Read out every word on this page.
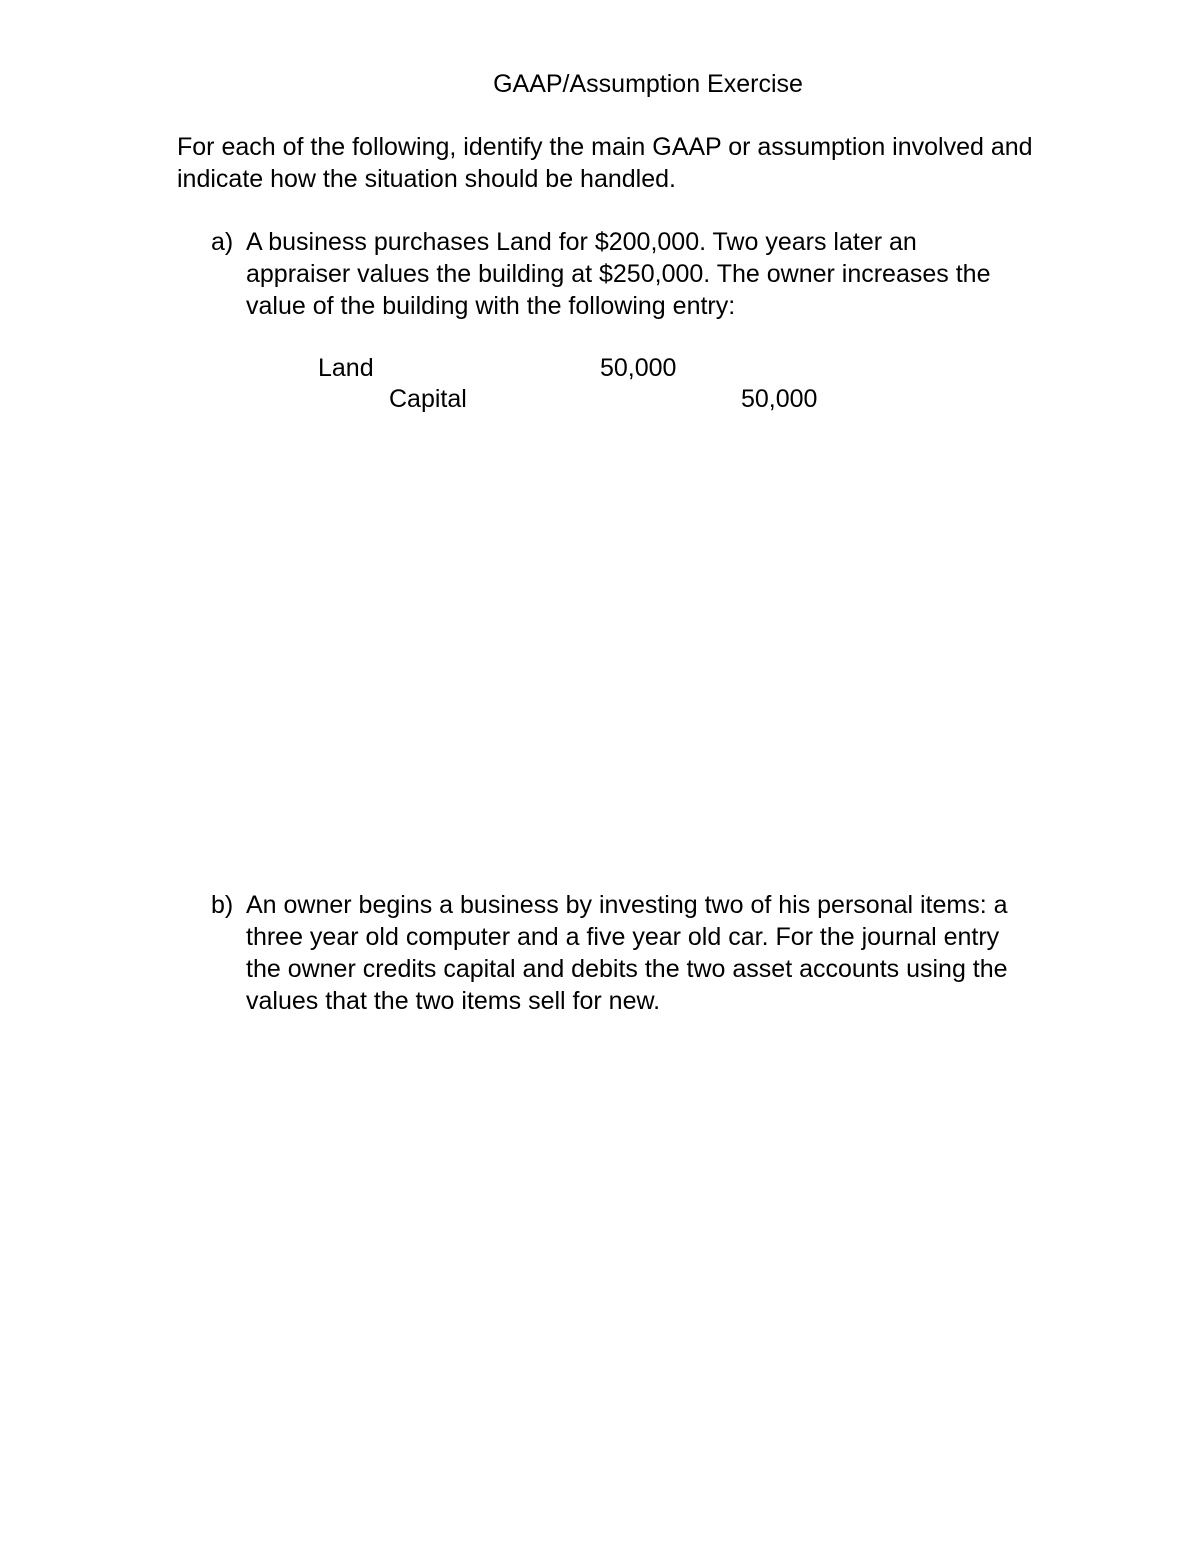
GAAP/Assumption Exercise
For each of the following, identify the main GAAP or assumption involved and
indicate how the situation should be handled.
a) A business purchases Land for $200,000. Two years later an
appraiser values the building at $250,000. The owner increases the
value of the building with the following entry:
Land	50,000
Capital	50,000
b) An owner begins a business by investing two of his personal items: a
three year old computer and a five year old car. For the journal entry
the owner credits capital and debits the two asset accounts using the
values that the two items sell for new.
